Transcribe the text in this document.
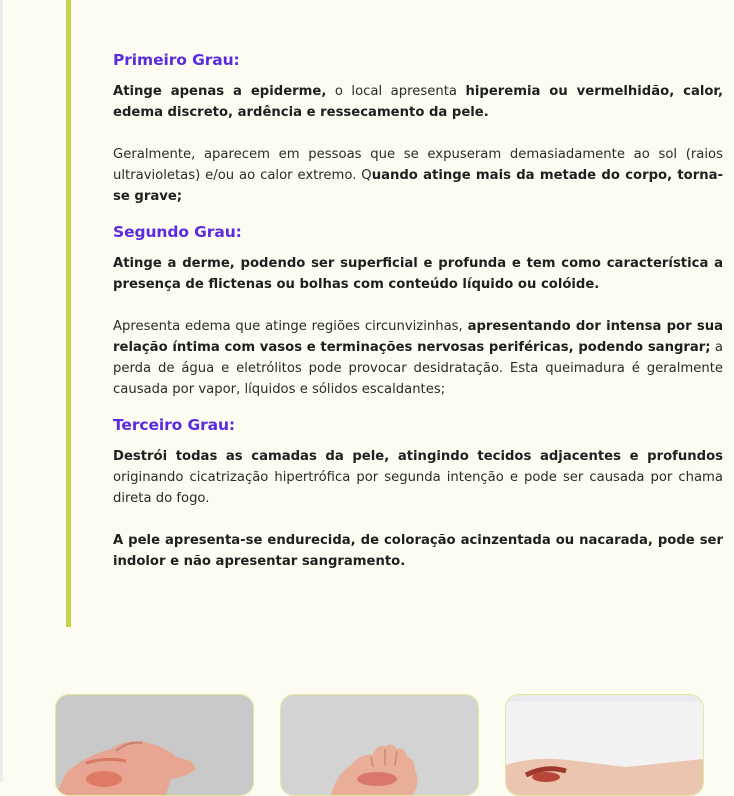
Primeiro Grau:

Atinge apenas a epiderme, o local apresenta hiperemia ou vermelhidão, calor, edema discreto, ardência e ressecamento da pele.

Geralmente, aparecem em pessoas que se expuseram demasiadamente ao sol (raios ultravioletas) e/ou ao calor extremo. Quando atinge mais da metade do corpo, torna-se grave;

Segundo Grau:

Atinge a derme, podendo ser superficial e profunda e tem como característica a presença de flictenas ou bolhas com conteúdo líquido ou colóide.

Apresenta edema que atinge regiões circunvizinhas, apresentando dor intensa por sua relação íntima com vasos e terminações nervosas periféricas, podendo sangrar; a perda de água e eletrólitos pode provocar desidratação. Esta queimadura é geralmente causada por vapor, líquidos e sólidos escaldantes;

Terceiro Grau:

Destrói todas as camadas da pele, atingindo tecidos adjacentes e profundos originando cicatrização hipertrófica por segunda intenção e pode ser causada por chama direta do fogo.

A pele apresenta-se endurecida, de coloração acinzentada ou nacarada, pode ser indolor e não apresentar sangramento.
